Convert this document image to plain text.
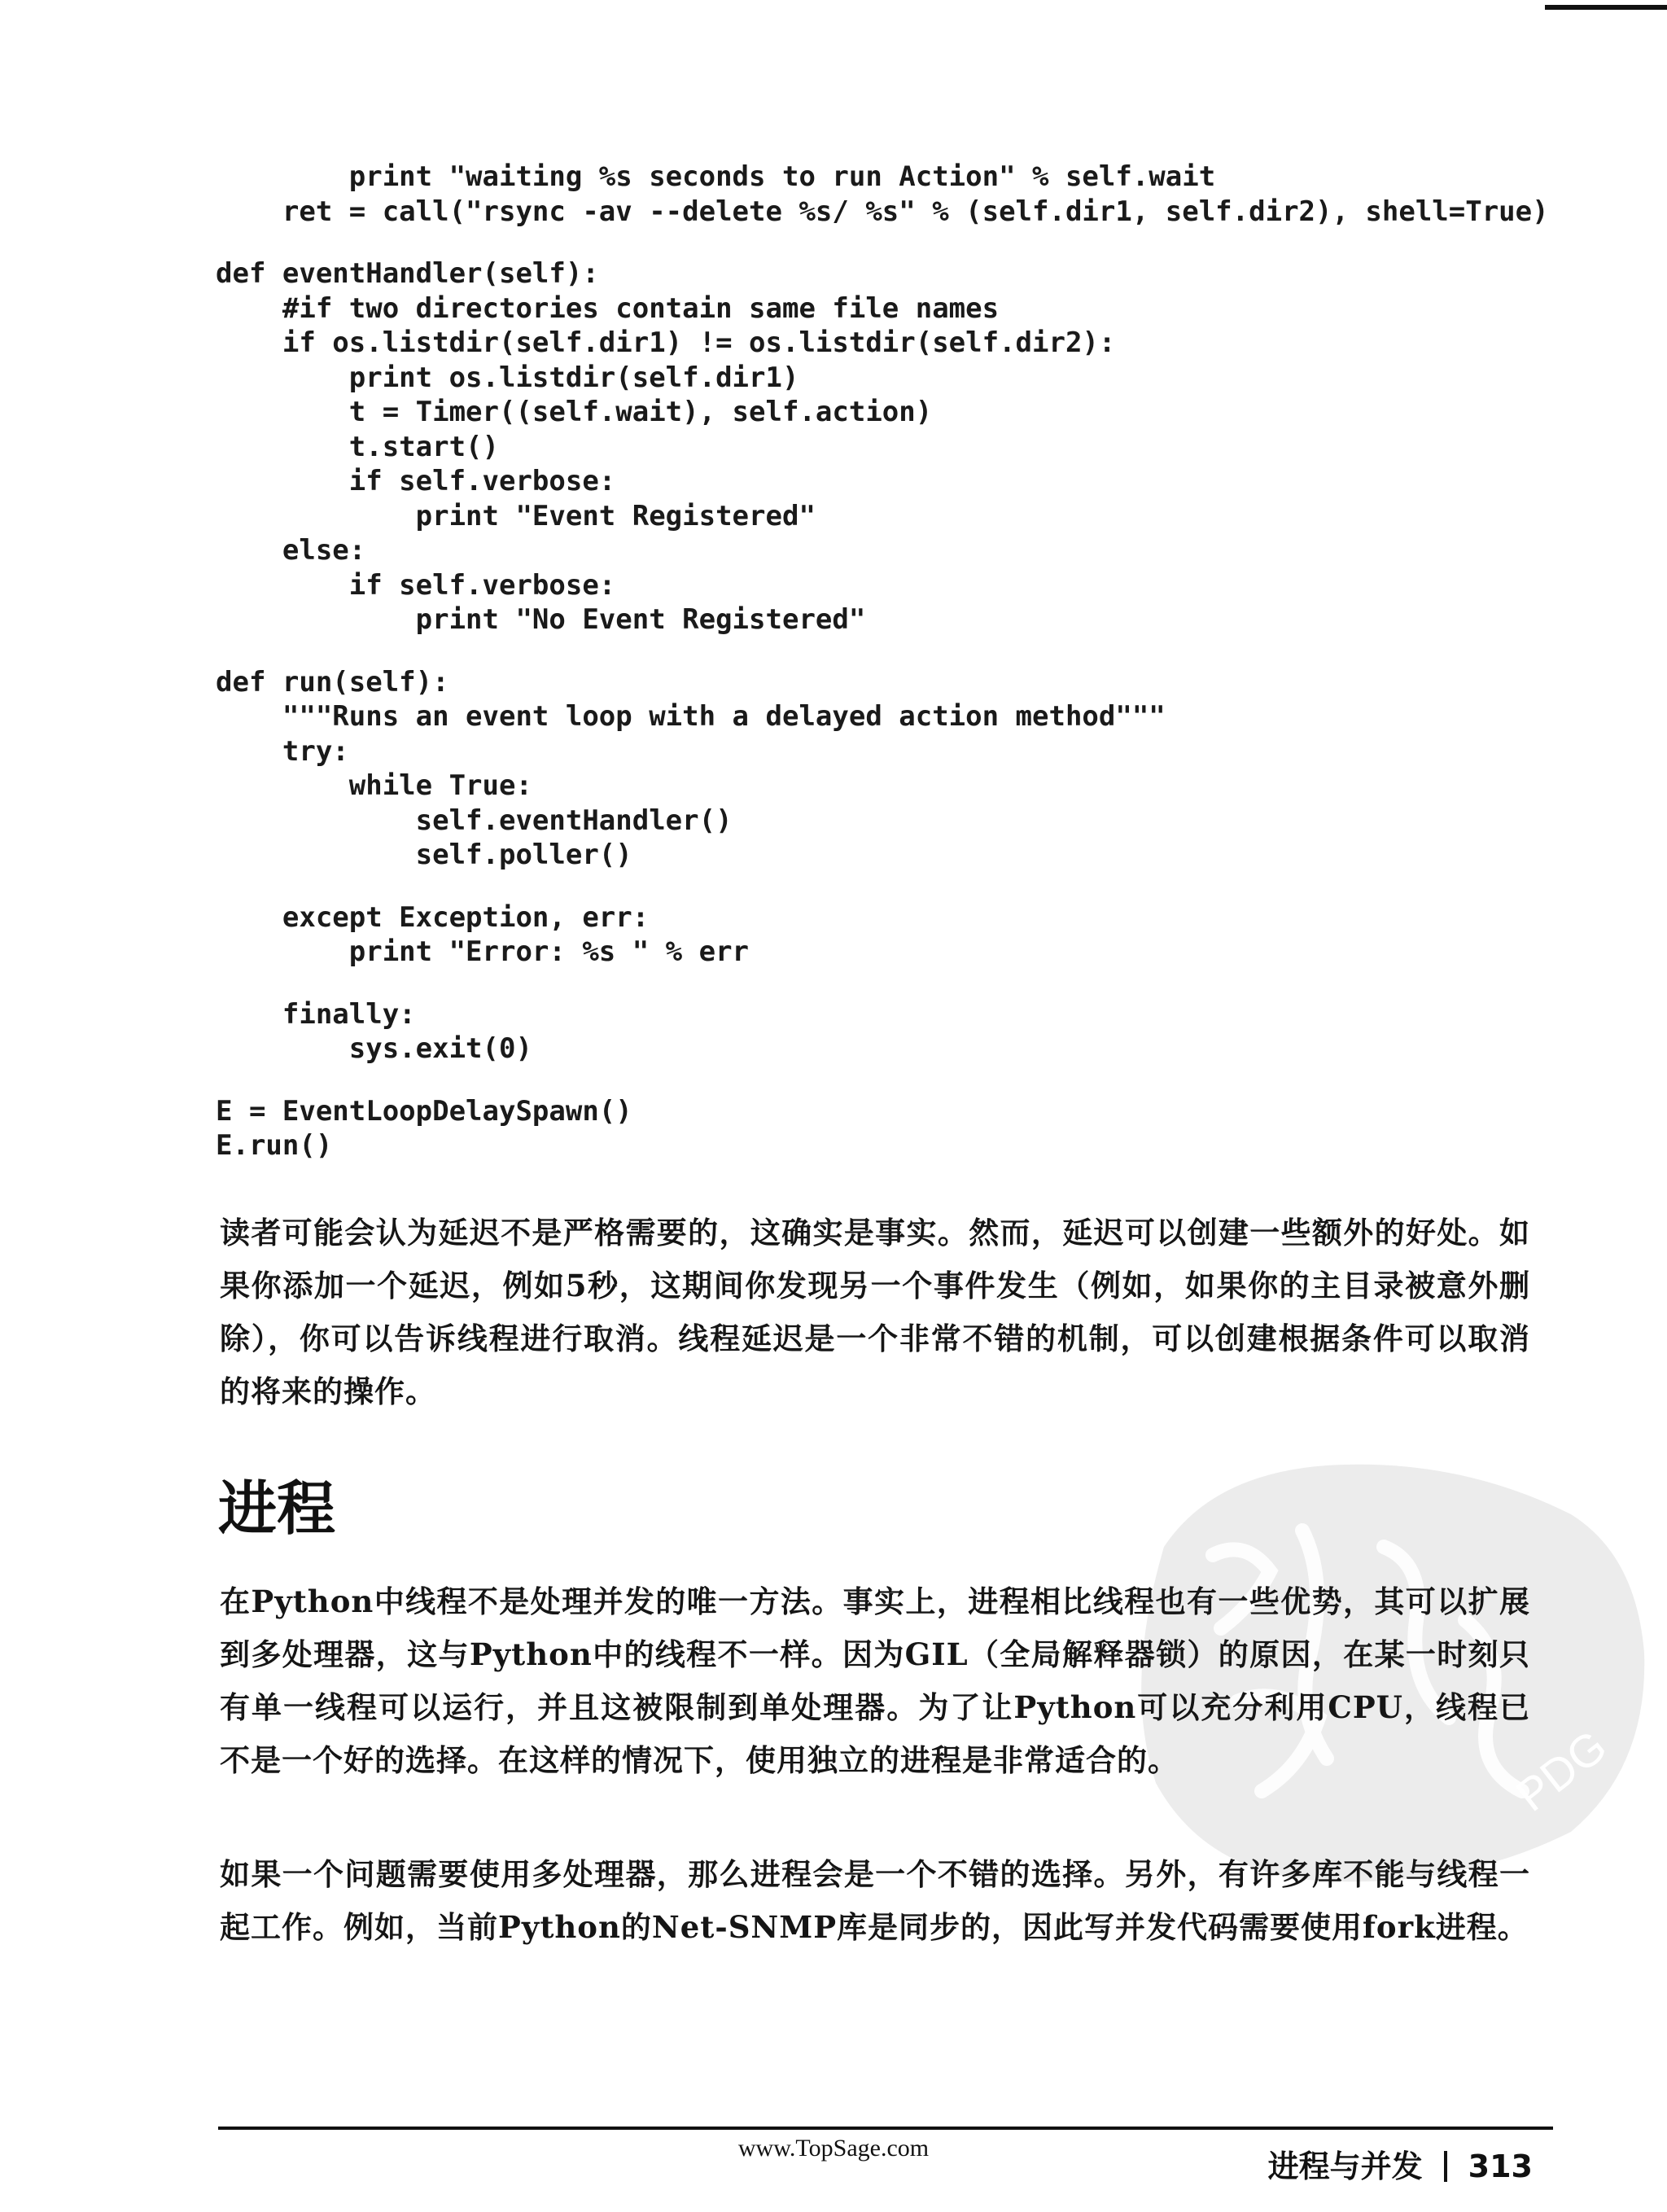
print "waiting %s seconds to run Action" % self.wait
ret = call("rsync -av --delete %s/ %s" % (self.dir1, self.dir2), shell=True)
def eventHandler(self):
#if two directories contain same file names
if os.listdir(self.dir1) != os.listdir(self.dir2):
print os.listdir(self.dir1)
t = Timer((self.wait), self.action)
t.start()
if self.verbose:
print "Event Registered"
else:
if self.verbose:
print "No Event Registered"
def run(self):
"""Runs an event loop with a delayed action method"""
try:
while True:
self.eventHandler()
self.poller()
except Exception, err:
print "Error: %s " % err
finally:
sys.exit(0)
E = EventLoopDelaySpawn()
E.run()

读者可能会认为延迟不是严格需要的，这确实是事实。然而，延迟可以创建一些额外的好处。如果你添加一个延迟，例如5秒，这期间你发现另一个事件发生（例如，如果你的主目录被意外删除），你可以告诉线程进行取消。线程延迟是一个非常不错的机制，可以创建根据条件可以取消的将来的操作。

进程
PDG

在Python中线程不是处理并发的唯一方法。事实上，进程相比线程也有一些优势，其可以扩展到多处理器，这与Python中的线程不一样。因为GIL（全局解释器锁）的原因，在某一时刻只有单一线程可以运行，并且这被限制到单处理器。为了让Python可以充分利用CPU，线程已不是一个好的选择。在这样的情况下，使用独立的进程是非常适合的。

如果一个问题需要使用多处理器，那么进程会是一个不错的选择。另外，有许多库不能与线程一起工作。例如，当前Python的Net-SNMP库是同步的，因此写并发代码需要使用fork进程。

www.TopSage.com
进程与并发 313
